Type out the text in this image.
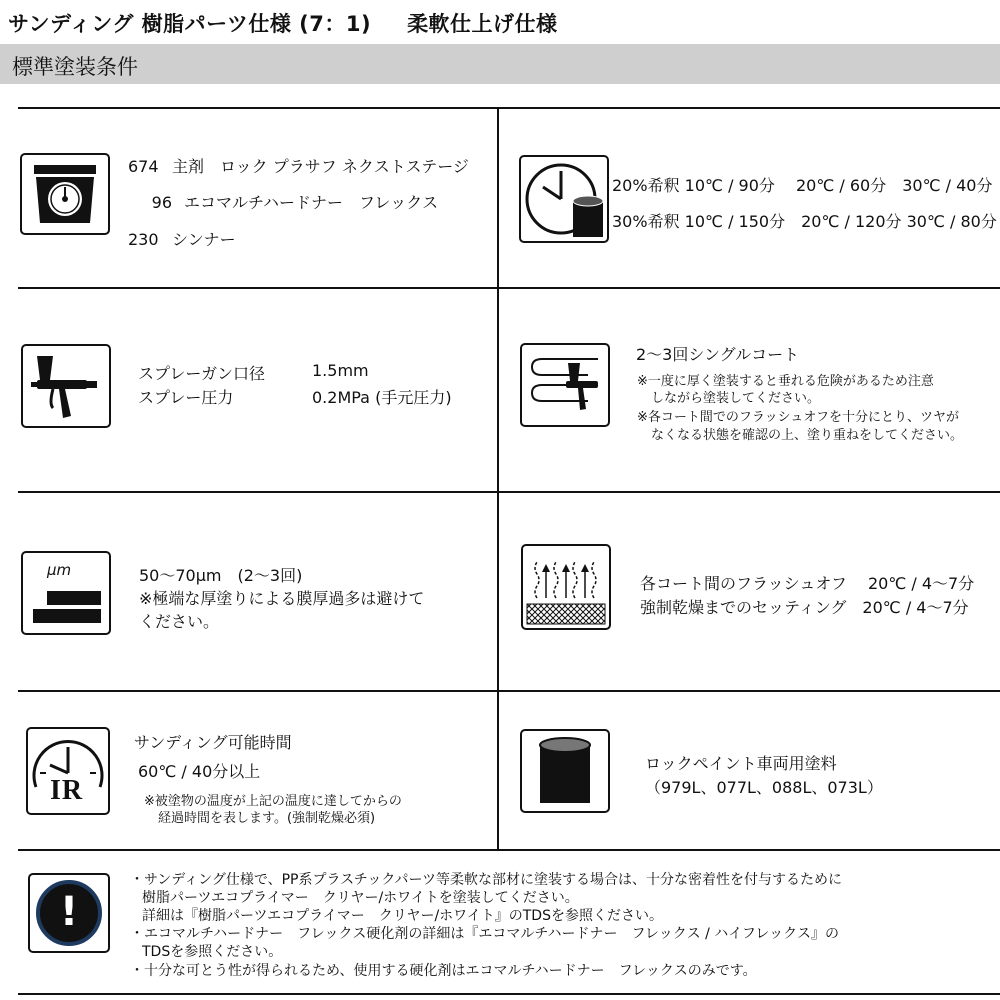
サンディング 樹脂パーツ仕様 (7：1) 柔軟仕上げ仕様
標準塗装条件
674 主剤　ロック プラサフ ネクストステージ
96 エコマルチハードナー　フレックス
230 シンナー
20%希釈 10℃ / 90分　 20℃ / 60分　30℃ / 40分
30%希釈 10℃ / 150分　20℃ / 120分 30℃ / 80分
スプレーガン口径	1.5mm
スプレー圧力	0.2MPa (手元圧力)
2～3回シングルコート
※一度に厚く塗装すると垂れる危険があるため注意
しながら塗装してください。
※各コート間でのフラッシュオフを十分にとり、ツヤが
なくなる状態を確認の上、塗り重ねをしてください。
μm	50～70μm　(2～3回)
※極端な厚塗りによる膜厚過多は避けて
ください。
各コート間のフラッシュオフ　 20℃ / 4～7分
強制乾燥までのセッティング　20℃ / 4～7分
IR
サンディング可能時間
60℃ / 40分以上
※被塗物の温度が上記の温度に達してからの
経過時間を表します。(強制乾燥必須)
ロックペイント車両用塗料
（979L、077L、088L、073L）
!
・サンディング仕様で、PP系プラスチックパーツ等柔軟な部材に塗装する場合は、十分な密着性を付与するために
樹脂パーツエコプライマー　クリヤー/ホワイトを塗装してください。
詳細は『樹脂パーツエコプライマー　クリヤー/ホワイト』のTDSを参照ください。
・エコマルチハードナー　フレックス硬化剤の詳細は『エコマルチハードナー　フレックス / ハイフレックス』の
TDSを参照ください。
・十分な可とう性が得られるため、使用する硬化剤はエコマルチハードナー　フレックスのみです。
